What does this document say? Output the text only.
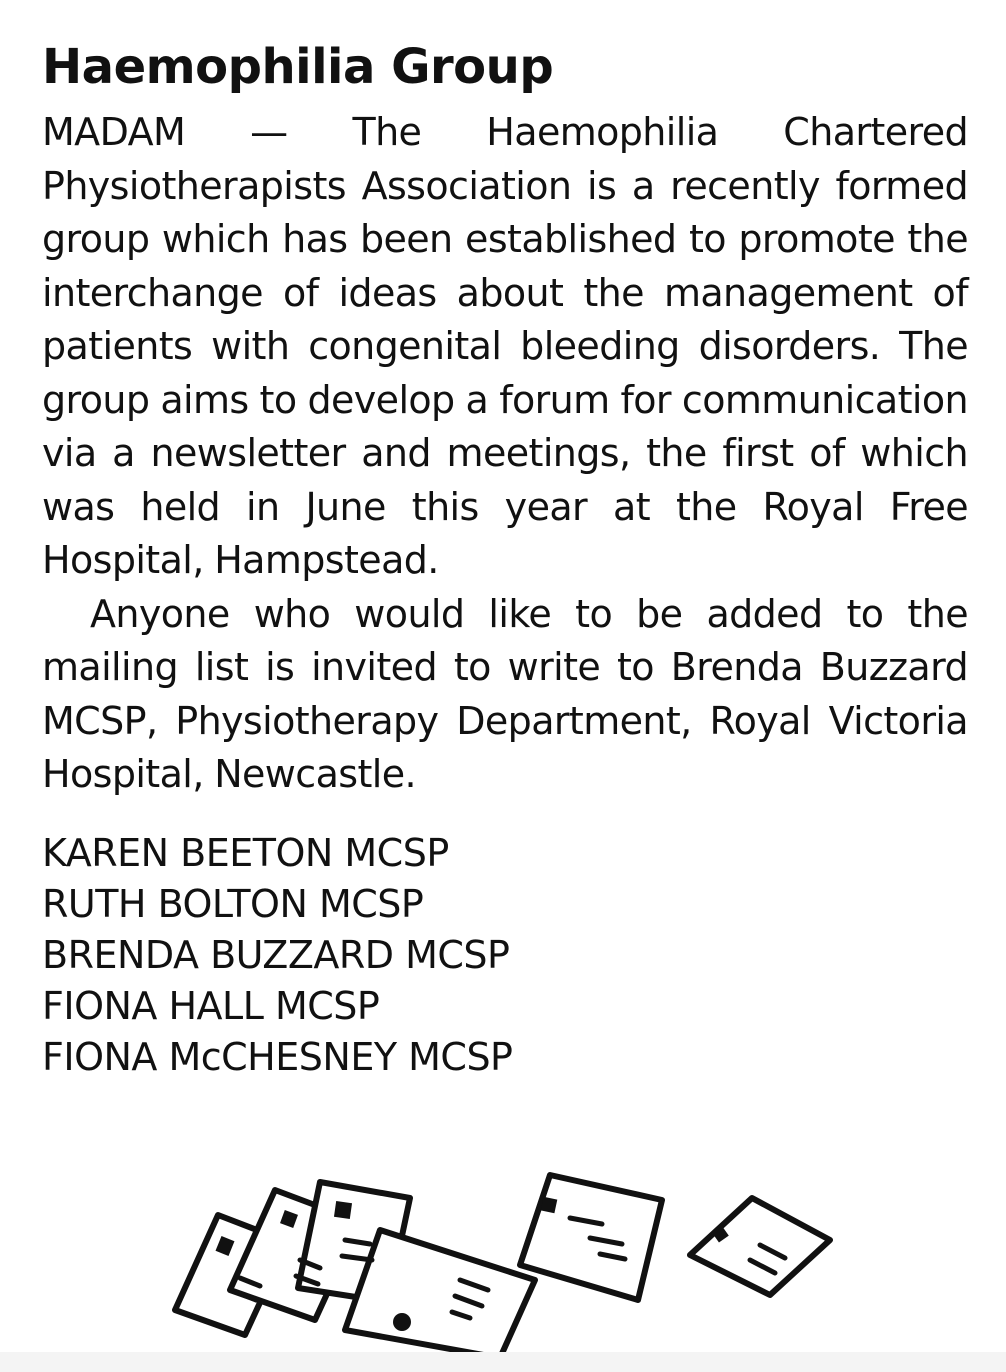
Haemophilia Group

MADAM — The Haemophilia Chartered Physiotherapists Association is a recently formed group which has been established to promote the interchange of ideas about the management of patients with congenital bleeding disorders. The group aims to develop a forum for communication via a newsletter and meetings, the first of which was held in June this year at the Royal Free Hospital, Hampstead.

Anyone who would like to be added to the mailing list is invited to write to Brenda Buzzard MCSP, Physiotherapy Department, Royal Victoria Hospital, Newcastle.

KAREN BEETON MCSP
RUTH BOLTON MCSP
BRENDA BUZZARD MCSP
FIONA HALL MCSP
FIONA McCHESNEY MCSP
